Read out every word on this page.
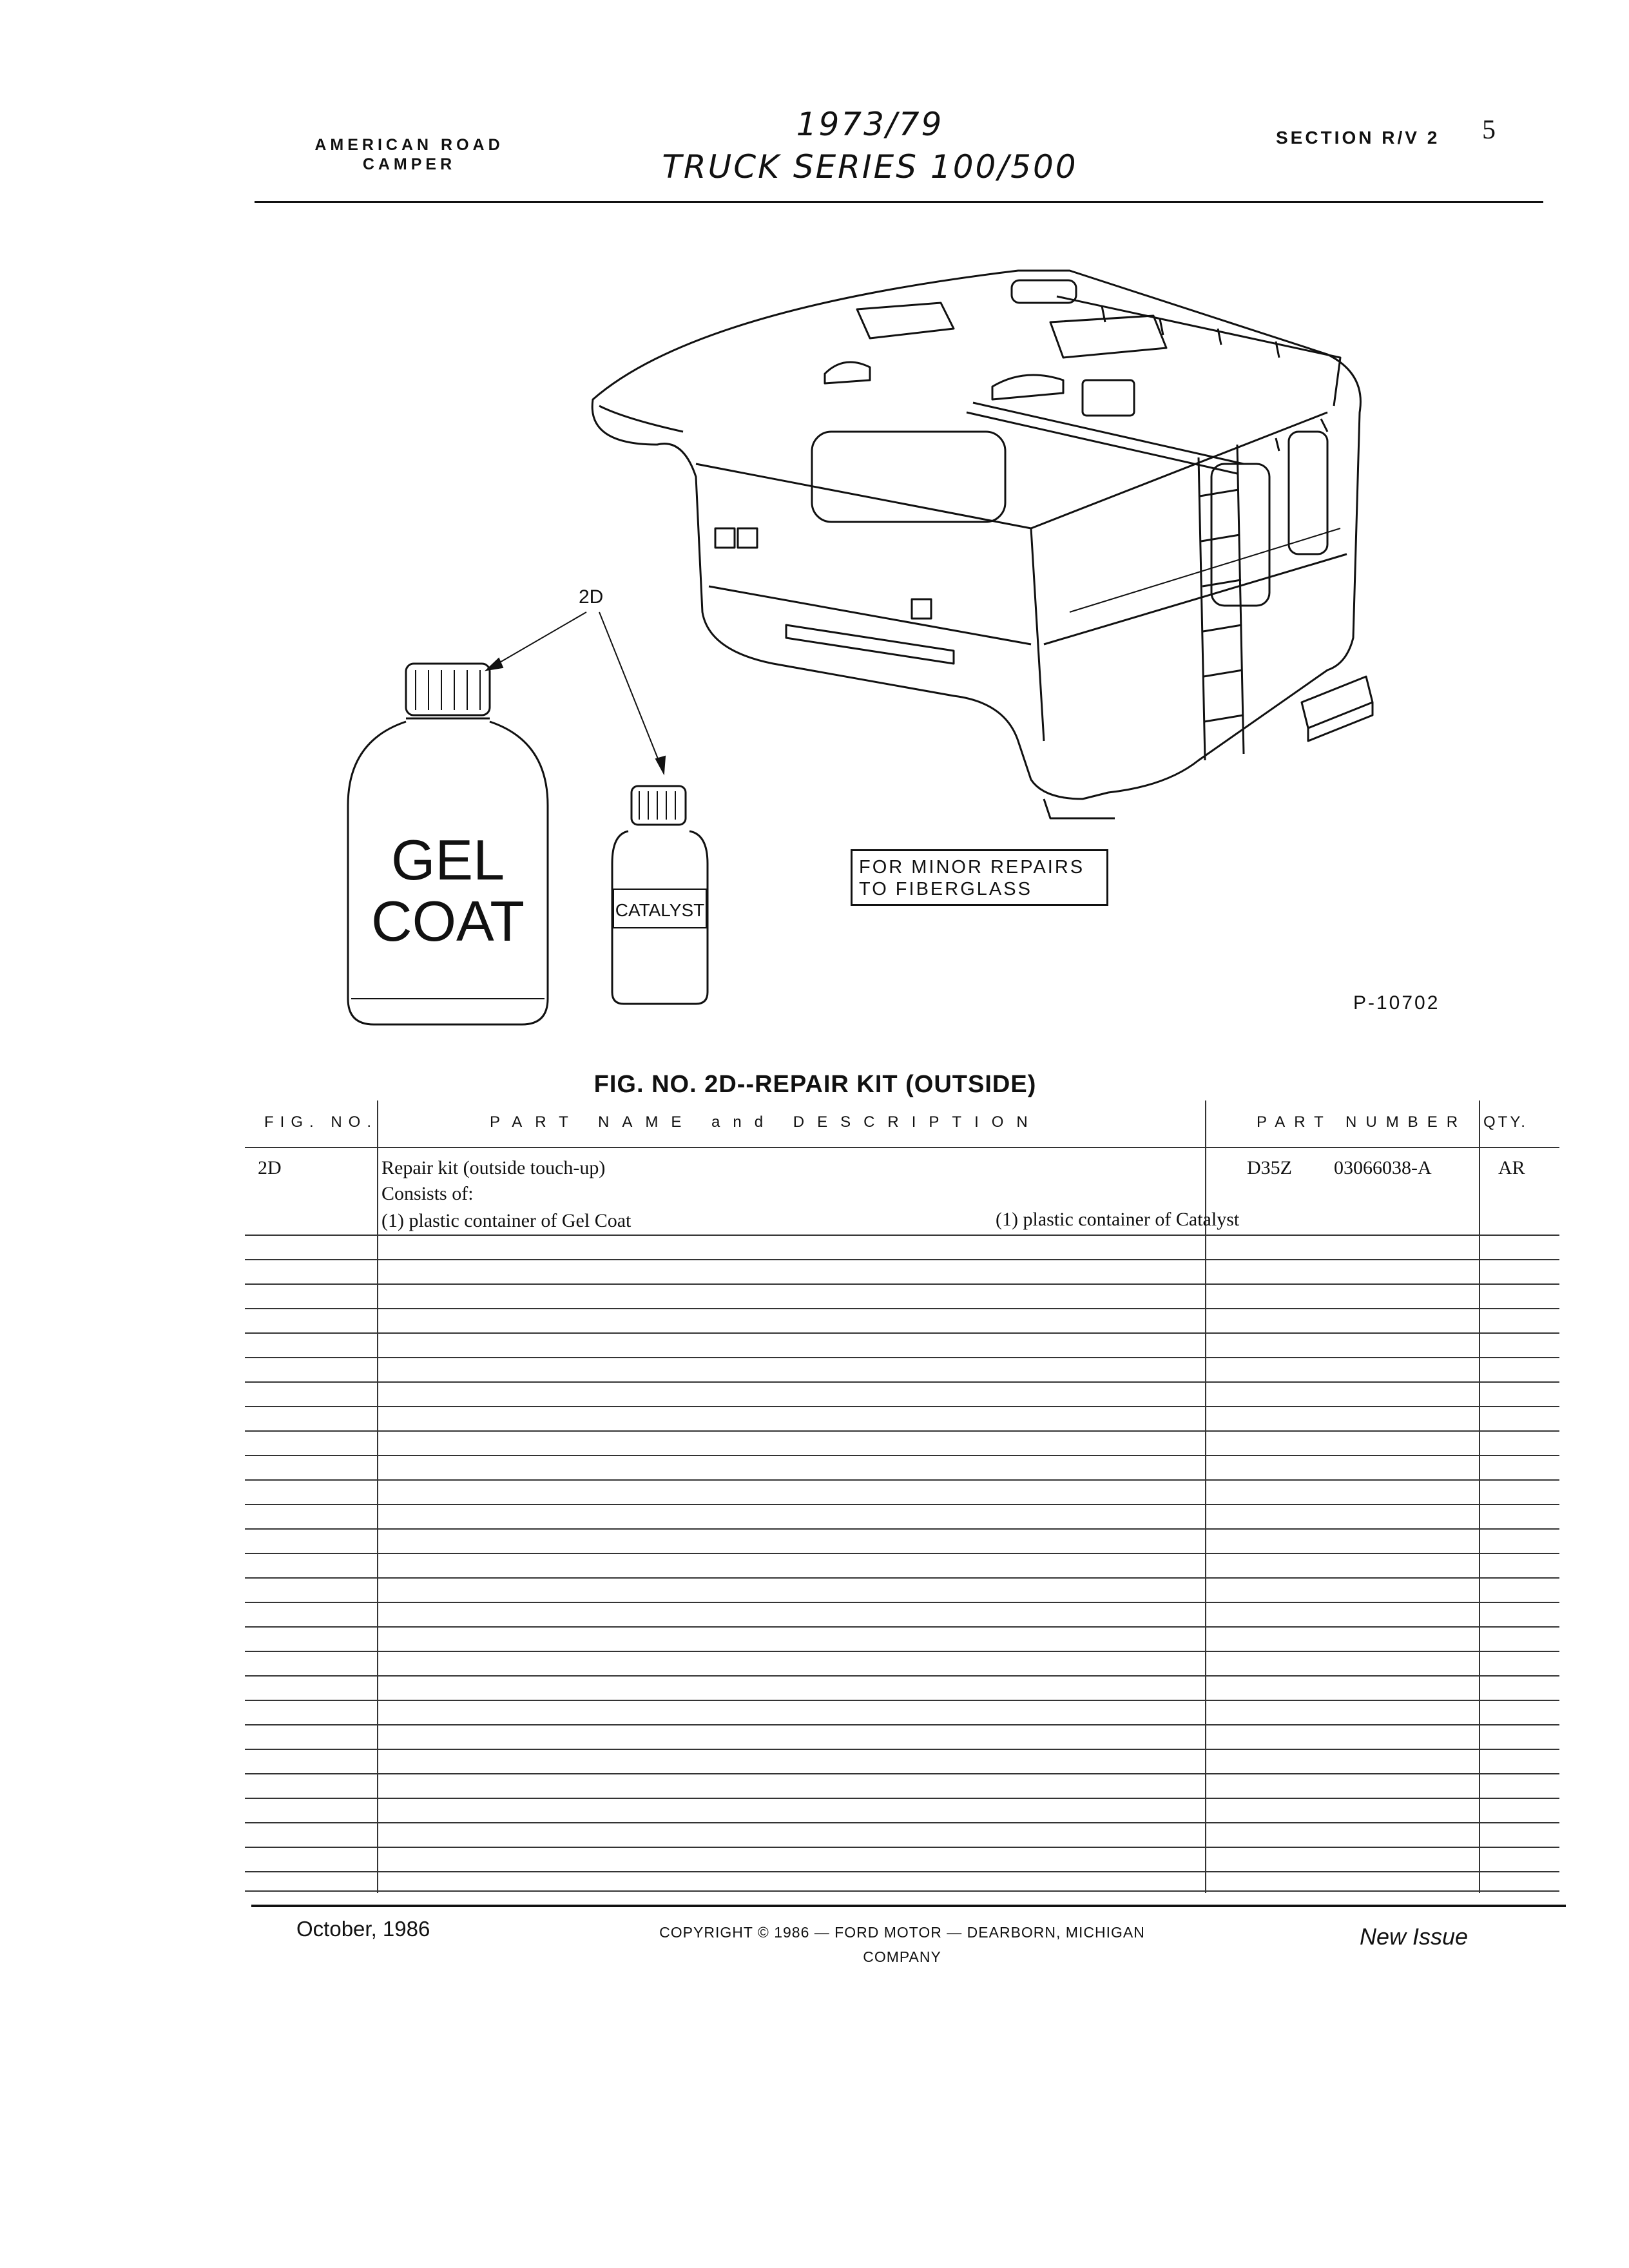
AMERICAN ROAD
CAMPER
1973/79
TRUCK SERIES 100/500
SECTION R/V 2 5
2D
GEL
COAT	CATALYST
FOR MINOR REPAIRS
TO FIBERGLASS
P-10702
FIG. NO. 2D--REPAIR KIT (OUTSIDE)
FIG. NO.	PART NAME and DESCRIPTION	PART NUMBER QTY.
2D	Repair kit (outside touch-up)	D35Z 03066038-A	AR
Consists of:
(1) plastic container of Gel Coat	(1) plastic container of Catalyst
October, 1986	COPYRIGHT © 1986 — FORD MOTOR — DEARBORN, MICHIGAN
COMPANY
New Issue
